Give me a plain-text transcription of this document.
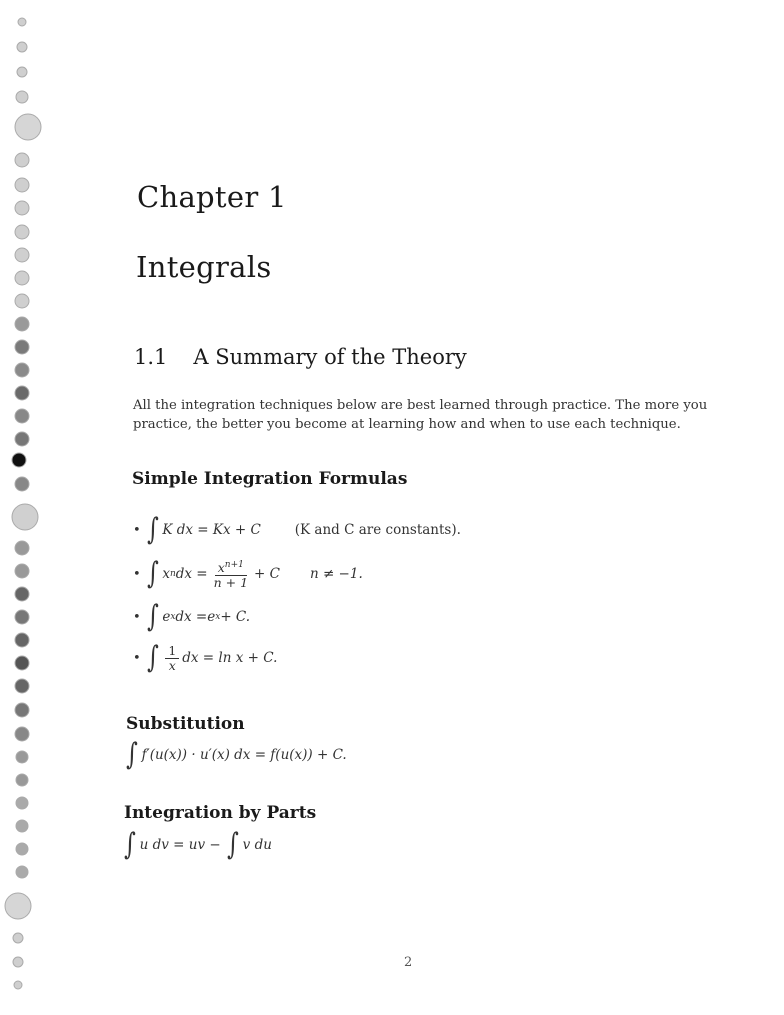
Chapter 1
Integrals
1.1 A Summary of the Theory
All the integration techniques below are best learned through practice. The more you practice, the better you become at learning how and when to use each technique.
Simple Integration Formulas
• ∫ K dx
= Kx + C	(K and C are constants).
• ∫ x n dx = $\frac{x^{n+1}}{n + 1} + C$ n ≠ −1.
• ∫ e x dx = e x + C.
• ∫ $\frac{1}{x}$ dx = ln x + C.
Substitution
∫ f′(u(x)) · u′(x) dx = f(u(x)) + C.
Integration by Parts
∫ u dv = uv −
∫ v du
2
